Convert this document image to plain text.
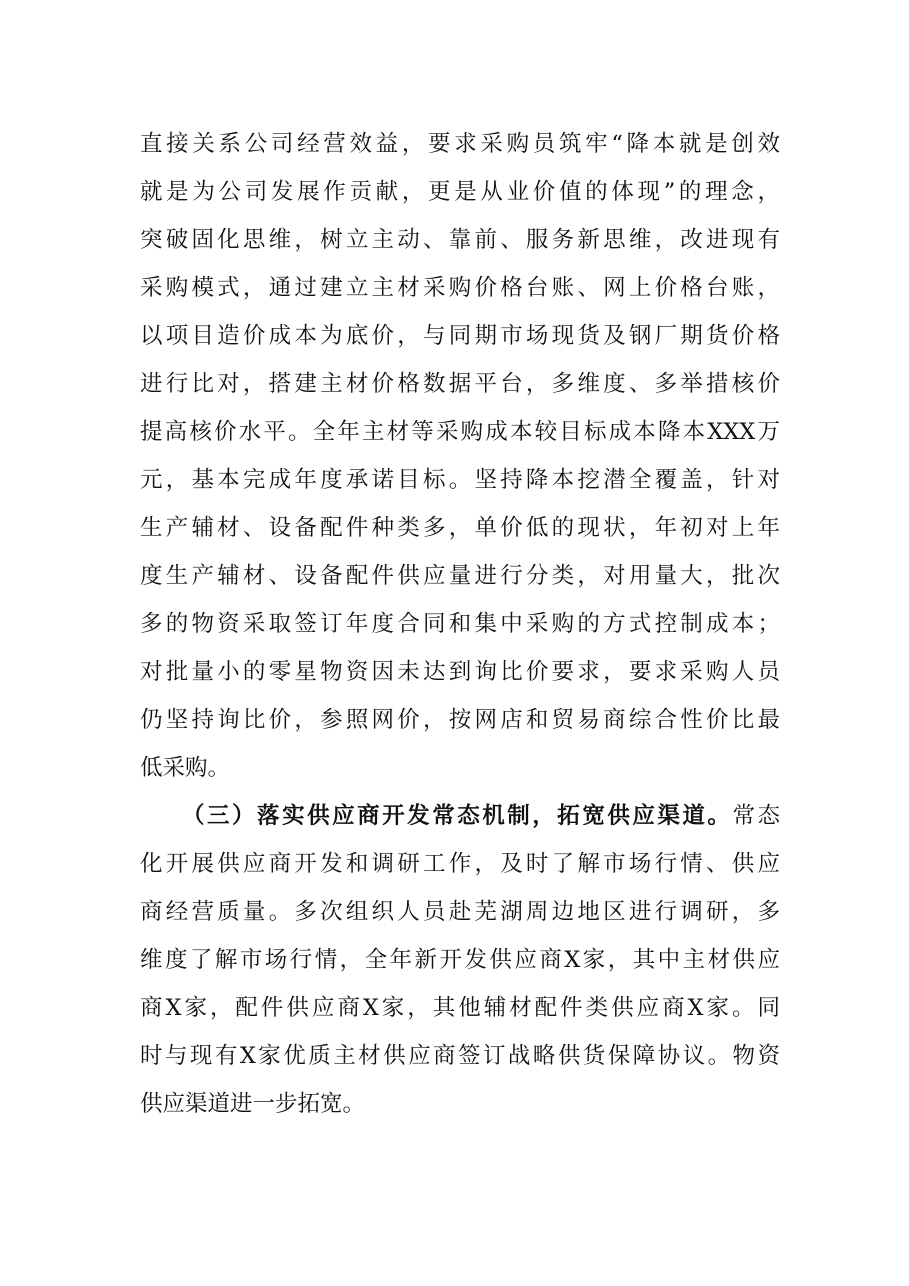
直接关系公司经营效益，要求采购员筑牢“降本就是创效
就是为公司发展作贡献，更是从业价值的体现”的理念，
突破固化思维，树立主动、靠前、服务新思维，改进现有
采购模式，通过建立主材采购价格台账、网上价格台账，
以项目造价成本为底价，与同期市场现货及钢厂期货价格
进行比对，搭建主材价格数据平台，多维度、多举措核价
提高核价水平。全年主材等采购成本较目标成本降本XXX万
元，基本完成年度承诺目标。坚持降本挖潜全覆盖，针对
生产辅材、设备配件种类多，单价低的现状，年初对上年
度生产辅材、设备配件供应量进行分类，对用量大，批次
多的物资采取签订年度合同和集中采购的方式控制成本；
对批量小的零星物资因未达到询比价要求，要求采购人员
仍坚持询比价，参照网价，按网店和贸易商综合性价比最
低采购。
（三）落实供应商开发常态机制，拓宽供应渠道。常态
化开展供应商开发和调研工作，及时了解市场行情、供应
商经营质量。多次组织人员赴芜湖周边地区进行调研，多
维度了解市场行情，全年新开发供应商X家，其中主材供应
商X家，配件供应商X家，其他辅材配件类供应商X家。同
时与现有X家优质主材供应商签订战略供货保障协议。物资
供应渠道进一步拓宽。
